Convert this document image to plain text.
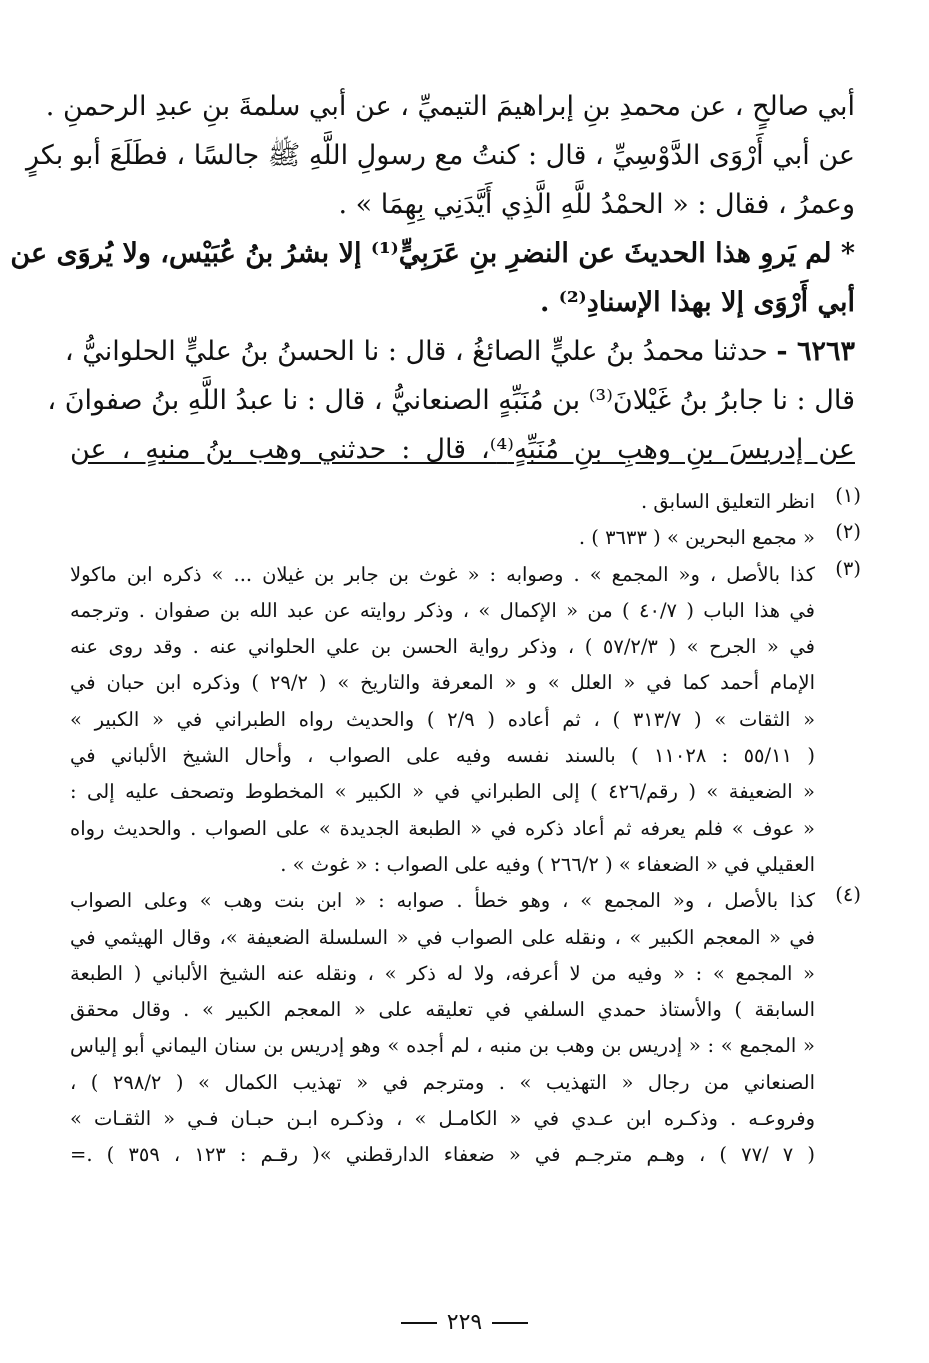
أبي صالحٍ ، عن محمدِ بنِ إبراهيمَ التيميِّ ، عن أبي سلمةَ بنِ عبدِ الرحمنِ .
عن أبي أَرْوَى الدَّوْسِيِّ ، قال : كنتُ مع رسولِ اللَّهِ ﷺ جالسًا ، فطَلَعَ أبو بكرٍ
وعمرُ ، فقال : « الحمْدُ للَّهِ الَّذِي أَيَّدَنِي بِهِمَا » .
* لم يَروِ هذا الحديثَ عن النضرِ بنِ عَرَبِيٍّ⁽¹⁾ إلا بشرُ بنُ عُبَيْس، ولا يُروَى عن
أبي أَرْوَى إلا بهذا الإسنادِ⁽²⁾ .
٦٢٦٣ - حدثنا محمدُ بنُ عليٍّ الصائغُ ، قال : نا الحسنُ بنُ عليٍّ الحلوانيُّ ،
قال : نا جابرُ بنُ غَيْلانَ⁽³⁾ بن مُنَبِّهٍ الصنعانيُّ ، قال : نا عبدُ اللَّهِ بنُ صفوانَ ،
عن إدريسَ بنِ وهبِ بنِ مُنَبِّهٍ⁽⁴⁾، قال : حدثني وهب بنُ منبهٍ ، عن
(١)
انظر التعليق السابق .
(٢)
« مجمع البحرين » ( ٣٦٣٣ ) .
(٣)
كذا بالأصل ، و« المجمع » . وصوابه : « غوث بن جابر بن غيلان ... » ذكره ابن ماكولا
في هذا الباب ( ٤٠/٧ ) من « الإكمال » ، وذكر روايته عن عبد الله بن صفوان . وترجمه
في « الجرح » ( ٥٧/٢/٣ ) ، وذكر رواية الحسن بن علي الحلواني عنه . وقد روى عنه
الإمام أحمد كما في « العلل » و « المعرفة والتاريخ » ( ٢٩/٢ ) وذكره ابن حبان في
« الثقات » ( ٣١٣/٧ ) ، ثم أعاده ( ٢/٩ ) والحديث رواه الطبراني في « الكبير »
( ٥٥/١١ : ١١٠٢٨ ) بالسند نفسه وفيه على الصواب ، وأحال الشيخ الألباني في
« الضعيفة » ( رقم/٤٢٦ ) إلى الطبراني في « الكبير » المخطوط وتصحف عليه إلى :
« عوف » فلم يعرفه ثم أعاد ذكره في « الطبعة الجديدة » على الصواب . والحديث رواه
العقيلي في « الضعفاء » ( ٢٦٦/٢ ) وفيه على الصواب : « غوث » .
(٤)
كذا بالأصل ، و« المجمع » ، وهو خطأ . صوابه : « ابن بنت وهب » وعلى الصواب
في « المعجم الكبير » ، ونقله على الصواب في « السلسلة الضعيفة »، وقال الهيثمي في
« المجمع » : « وفيه من لا أعرفه، ولا له ذكر » ، ونقله عنه الشيخ الألباني ( الطبعة
السابقة ) والأستاذ حمدي السلفي في تعليقه على « المعجم الكبير » . وقال محقق
« المجمع » : « إدريس بن وهب بن منبه ، لم أجده » وهو إدريس بن سنان اليماني أبو إلياس
الصنعاني من رجال « التهذيب » . ومترجم في « تهذيب الكمال » ( ٢٩٨/٢ ) ،
وفروعـه . وذكـره ابن عـدي في « الكامـل » ، وذكـره ابـن حبـان فـي « الثقـات »
( ٧ /٧٧ ) ، وهـم مترجـم في « ضعفاء الدارقطني »( رقـم : ١٢٣ ، ٣٥٩ ) .=
٢٢٩
